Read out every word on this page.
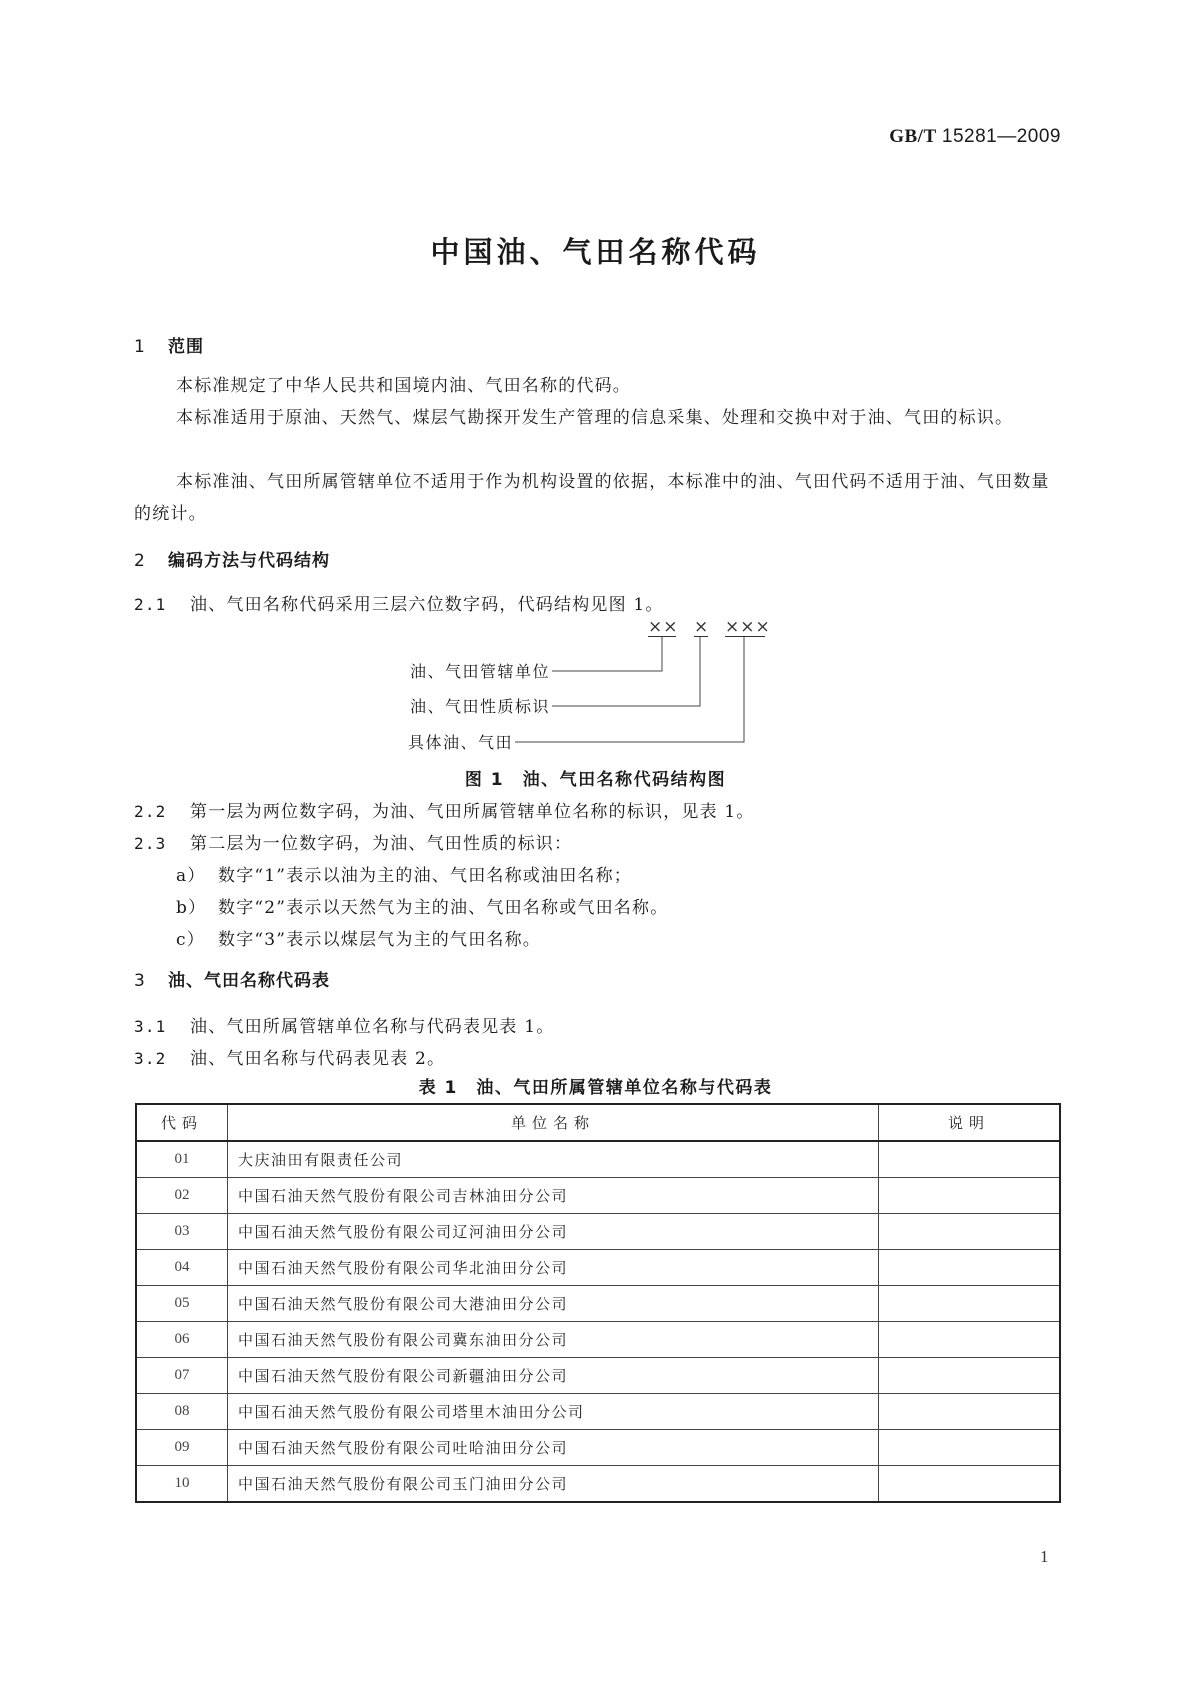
GB/T 15281—2009
中国油、气田名称代码
1 范围
本标准规定了中华人民共和国境内油、气田名称的代码。
本标准适用于原油、天然气、煤层气勘探开发生产管理的信息采集、处理和交换中对于油、气田的标识。
本标准油、气田所属管辖单位不适用于作为机构设置的依据，本标准中的油、气田代码不适用于油、气田数量的统计。
2 编码方法与代码结构
2.1 油、气田名称代码采用三层六位数字码，代码结构见图 1。
×× × ×××
油、气田管辖单位
油、气田性质标识
具体油、气田
图 1　油、气田名称代码结构图
2.2 第一层为两位数字码，为油、气田所属管辖单位名称的标识，见表 1。
2.3 第二层为一位数字码，为油、气田性质的标识：
a） 数字“1”表示以油为主的油、气田名称或油田名称；
b） 数字“2”表示以天然气为主的油、气田名称或气田名称。
c） 数字“3”表示以煤层气为主的气田名称。
3 油、气田名称代码表
3.1 油、气田所属管辖单位名称与代码表见表 1。
3.2 油、气田名称与代码表见表 2。
表 1　油、气田所属管辖单位名称与代码表
代码	单位名称	说明
01	大庆油田有限责任公司	
02	中国石油天然气股份有限公司吉林油田分公司	
03	中国石油天然气股份有限公司辽河油田分公司	
04	中国石油天然气股份有限公司华北油田分公司	
05	中国石油天然气股份有限公司大港油田分公司	
06	中国石油天然气股份有限公司冀东油田分公司	
07	中国石油天然气股份有限公司新疆油田分公司	
08	中国石油天然气股份有限公司塔里木油田分公司	
09	中国石油天然气股份有限公司吐哈油田分公司	
10	中国石油天然气股份有限公司玉门油田分公司	
1
